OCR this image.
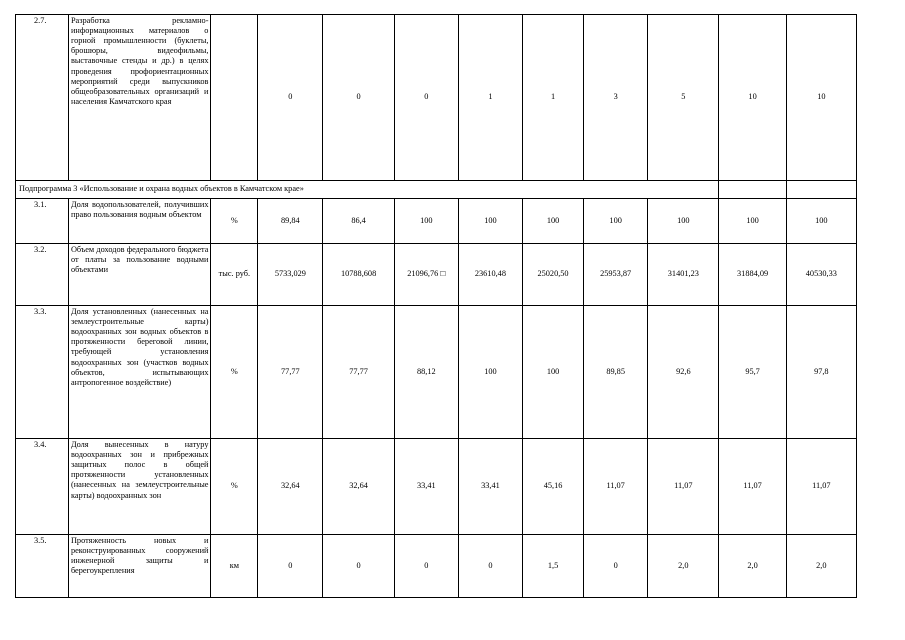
2.7.	Разработка рекламно-информационных материалов о горной промышленности (буклеты, брошюры, видеофильмы, выставочные стенды и др.) в целях проведения профориентационных мероприятий среди выпускников общеобразовательных организаций и населения Камчатского края		0	0	0	1	1	3	5	10	10
Подпрограмма 3 «Использование и охрана водных объектов в Камчатском крае»											
3.1.	Доля водопользователей, получивших право пользования водным объектом	%	89,84	86,4	100	100	100	100	100	100	100
3.2.	Объем доходов федерального бюджета от платы за пользование водными объектами	тыс. руб.	5733,029	10788,608	21096,76 □	23610,48	25020,50	25953,87	31401,23	31884,09	40530,33
3.3.	Доля установленных (нанесенных на землеустроительные карты) водоохранных зон водных объектов в протяженности береговой линии, требующей установления водоохранных зон (участков водных объектов, испытывающих антропогенное воздействие)	%	77,77	77,77	88,12	100	100	89,85	92,6	95,7	97,8
3.4.	Доля вынесенных в натуру водоохранных зон и прибрежных защитных полос в общей протяженности установленных (нанесенных на землеустроительные карты) водоохранных зон	%	32,64	32,64	33,41	33,41	45,16	11,07	11,07	11,07	11,07
3.5.	Протяженность новых и реконструированных сооружений инженерной защиты и берегоукрепления	км	0	0	0	0	1,5	0	2,0	2,0	2,0
